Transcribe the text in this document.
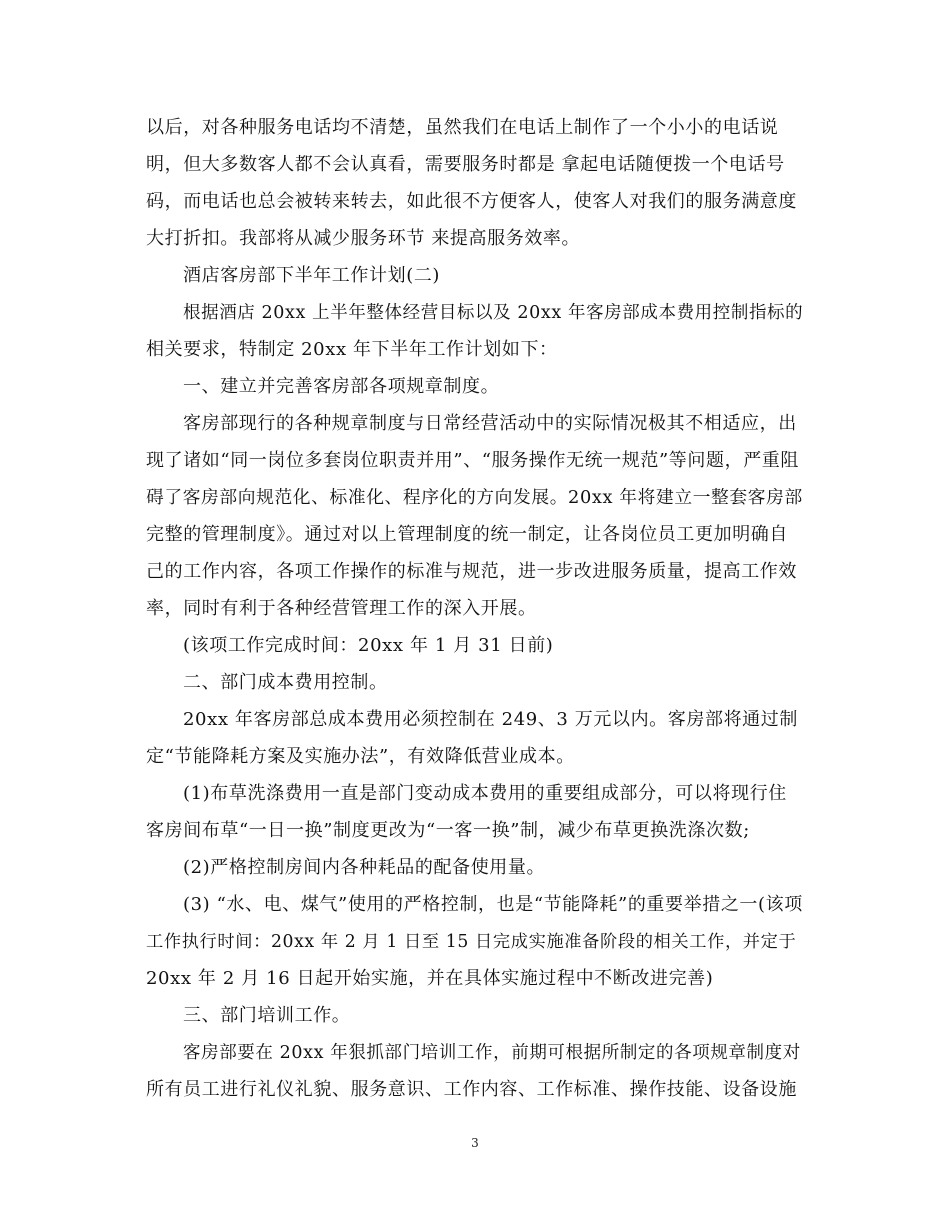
以后，对各种服务电话均不清楚，虽然我们在电话上制作了一个小小的电话说
明，但大多数客人都不会认真看，需要服务时都是 拿起电话随便拨一个电话号
码，而电话也总会被转来转去，如此很不方便客人，使客人对我们的服务满意度
大打折扣。我部将从减少服务环节 来提高服务效率。
酒店客房部下半年工作计划(二)
根据酒店 20xx 上半年整体经营目标以及 20xx 年客房部成本费用控制指标的
相关要求，特制定 20xx 年下半年工作计划如下：
一、建立并完善客房部各项规章制度。
客房部现行的各种规章制度与日常经营活动中的实际情况极其不相适应，出
现了诸如“同一岗位多套岗位职责并用”、“服务操作无统一规范”等问题，严重阻
碍了客房部向规范化、标准化、程序化的方向发展。20xx 年将建立一整套客房部
完整的管理制度》。通过对以上管理制度的统一制定，让各岗位员工更加明确自
己的工作内容，各项工作操作的标准与规范，进一步改进服务质量，提高工作效
率，同时有利于各种经营管理工作的深入开展。
(该项工作完成时间：20xx 年 1 月 31 日前)
二、部门成本费用控制。
20xx 年客房部总成本费用必须控制在 249、3 万元以内。客房部将通过制
定“节能降耗方案及实施办法”，有效降低营业成本。
(1)布草洗涤费用一直是部门变动成本费用的重要组成部分，可以将现行住
客房间布草“一日一换”制度更改为“一客一换”制，减少布草更换洗涤次数;
(2)严格控制房间内各种耗品的配备使用量。
(3) “水、电、煤气”使用的严格控制，也是“节能降耗”的重要举措之一(该项
工作执行时间：20xx 年 2 月 1 日至 15 日完成实施准备阶段的相关工作，并定于
20xx 年 2 月 16 日起开始实施，并在具体实施过程中不断改进完善)
三、部门培训工作。
客房部要在 20xx 年狠抓部门培训工作，前期可根据所制定的各项规章制度对
所有员工进行礼仪礼貌、服务意识、工作内容、工作标准、操作技能、设备设施
3
